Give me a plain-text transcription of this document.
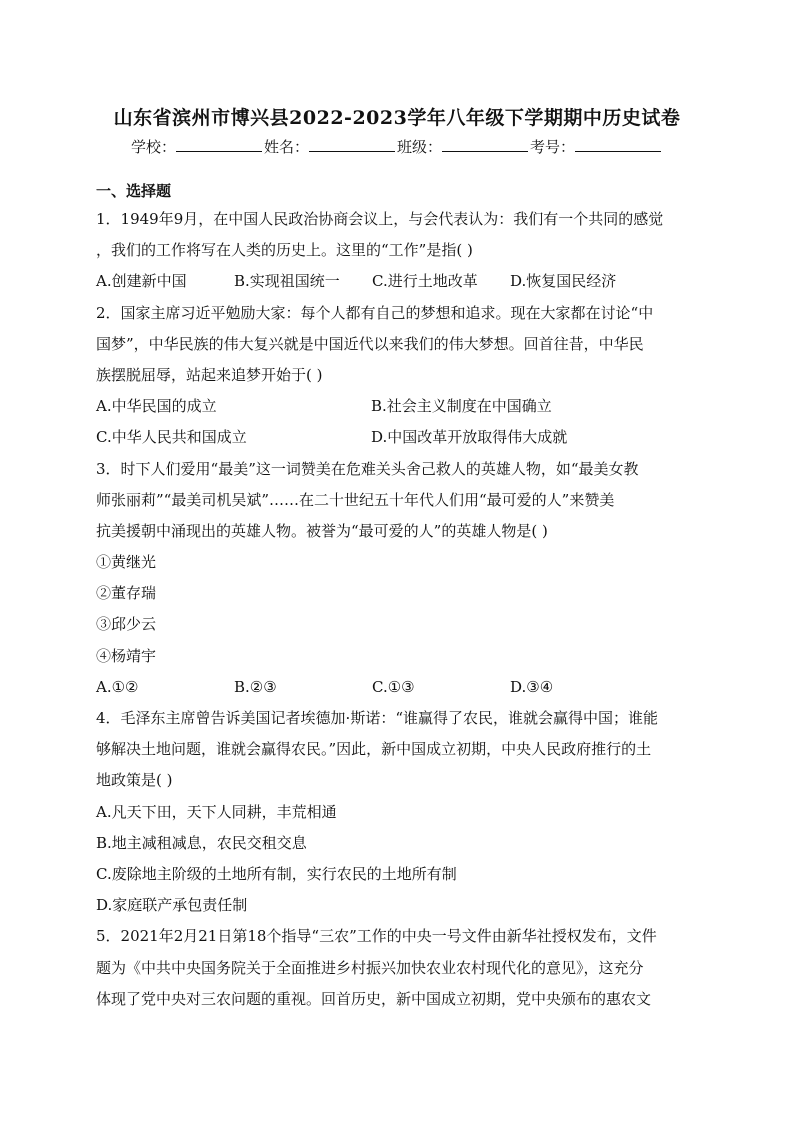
山东省滨州市博兴县2022-2023学年八年级下学期期中历史试卷
学校：	姓名：	班级：	考号：
一、选择题
1．1949年9月，在中国人民政治协商会议上，与会代表认为：我们有一个共同的感觉
，我们的工作将写在人类的历史上。这里的“工作”是指( )
A.创建新中国	B.实现祖国统一	C.进行土地改革	D.恢复国民经济
2．国家主席习近平勉励大家：每个人都有自己的梦想和追求。现在大家都在讨论“中
国梦”，中华民族的伟大复兴就是中国近代以来我们的伟大梦想。回首往昔，中华民
族摆脱屈辱，站起来追梦开始于( )
A.中华民国的成立	B.社会主义制度在中国确立
C.中华人民共和国成立	D.中国改革开放取得伟大成就
3．时下人们爱用“最美”这一词赞美在危难关头舍己救人的英雄人物，如“最美女教
师张丽莉”“最美司机吴斌”……在二十世纪五十年代人们用“最可爱的人”来赞美
抗美援朝中涌现出的英雄人物。被誉为“最可爱的人”的英雄人物是( )
①黄继光
②董存瑞
③邱少云
④杨靖宇
A.①②	B.②③	C.①③	D.③④
4．毛泽东主席曾告诉美国记者埃德加·斯诺：“谁赢得了农民，谁就会赢得中国；谁能
够解决土地问题，谁就会赢得农民。”因此，新中国成立初期，中央人民政府推行的土
地政策是( )
A.凡天下田，天下人同耕，丰荒相通
B.地主减租减息，农民交租交息
C.废除地主阶级的土地所有制，实行农民的土地所有制
D.家庭联产承包责任制
5．2021年2月21日第18个指导“三农”工作的中央一号文件由新华社授权发布，文件
题为《中共中央国务院关于全面推进乡村振兴加快农业农村现代化的意见》，这充分
体现了党中央对三农问题的重视。回首历史，新中国成立初期，党中央颁布的惠农文
